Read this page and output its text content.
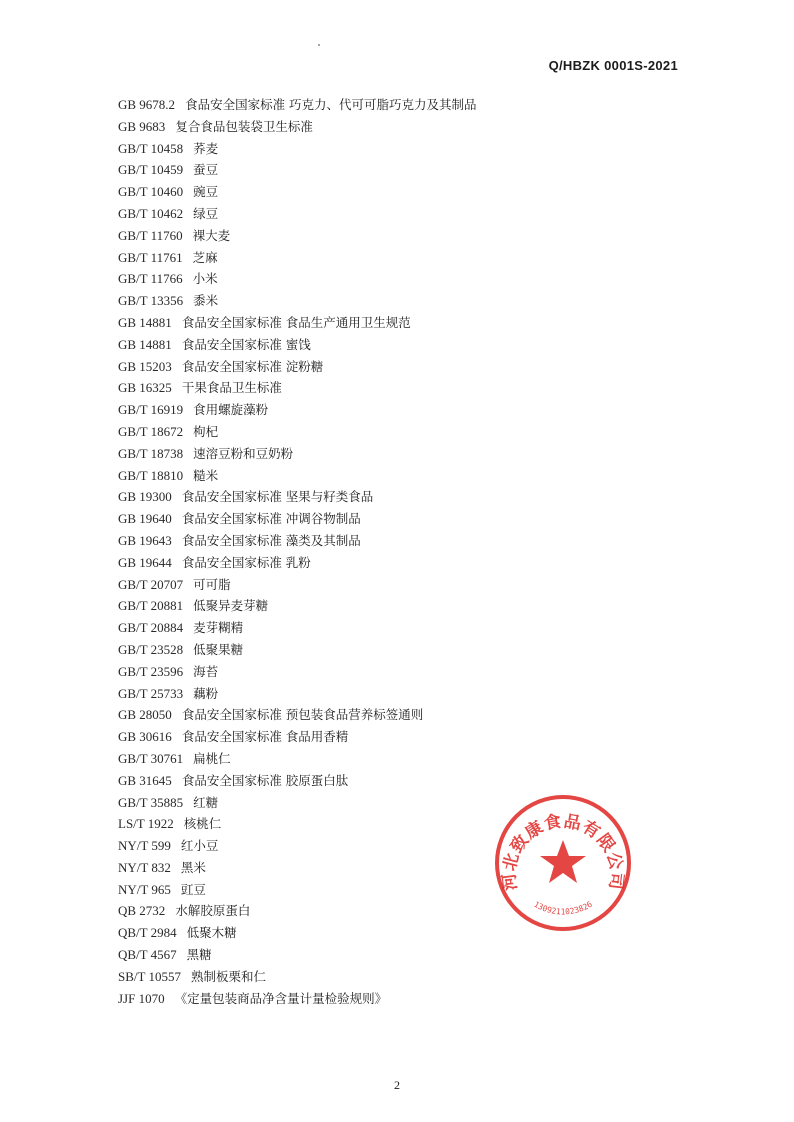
Q/HBZK 0001S-2021
GB 9678.2 食品安全国家标准 巧克力、代可可脂巧克力及其制品
GB 9683 复合食品包装袋卫生标准
GB/T 10458 荞麦
GB/T 10459 蚕豆
GB/T 10460 豌豆
GB/T 10462 绿豆
GB/T 11760 裸大麦
GB/T 11761 芝麻
GB/T 11766 小米
GB/T 13356 黍米
GB 14881 食品安全国家标准 食品生产通用卫生规范
GB 14881 食品安全国家标准 蜜饯
GB 15203 食品安全国家标准 淀粉糖
GB 16325 干果食品卫生标准
GB/T 16919 食用螺旋藻粉
GB/T 18672 枸杞
GB/T 18738 速溶豆粉和豆奶粉
GB/T 18810 糙米
GB 19300 食品安全国家标准 坚果与籽类食品
GB 19640 食品安全国家标准 冲调谷物制品
GB 19643 食品安全国家标准 藻类及其制品
GB 19644 食品安全国家标准 乳粉
GB/T 20707 可可脂
GB/T 20881 低聚异麦芽糖
GB/T 20884 麦芽糊精
GB/T 23528 低聚果糖
GB/T 23596 海苔
GB/T 25733 藕粉
GB 28050 食品安全国家标准 预包装食品营养标签通则
GB 30616 食品安全国家标准 食品用香精
GB/T 30761 扁桃仁
GB 31645 食品安全国家标准 胶原蛋白肽
GB/T 35885 红糖
LS/T 1922 核桃仁
NY/T 599 红小豆
NY/T 832 黑米
NY/T 965 豇豆
QB 2732 水解胶原蛋白
QB/T 2984 低聚木糖
QB/T 4567 黑糖
SB/T 10557 熟制板栗和仁
JJF 1070 《定量包装商品净含量计量检验规则》
河北致康食品有限公司
1309211023826
2
